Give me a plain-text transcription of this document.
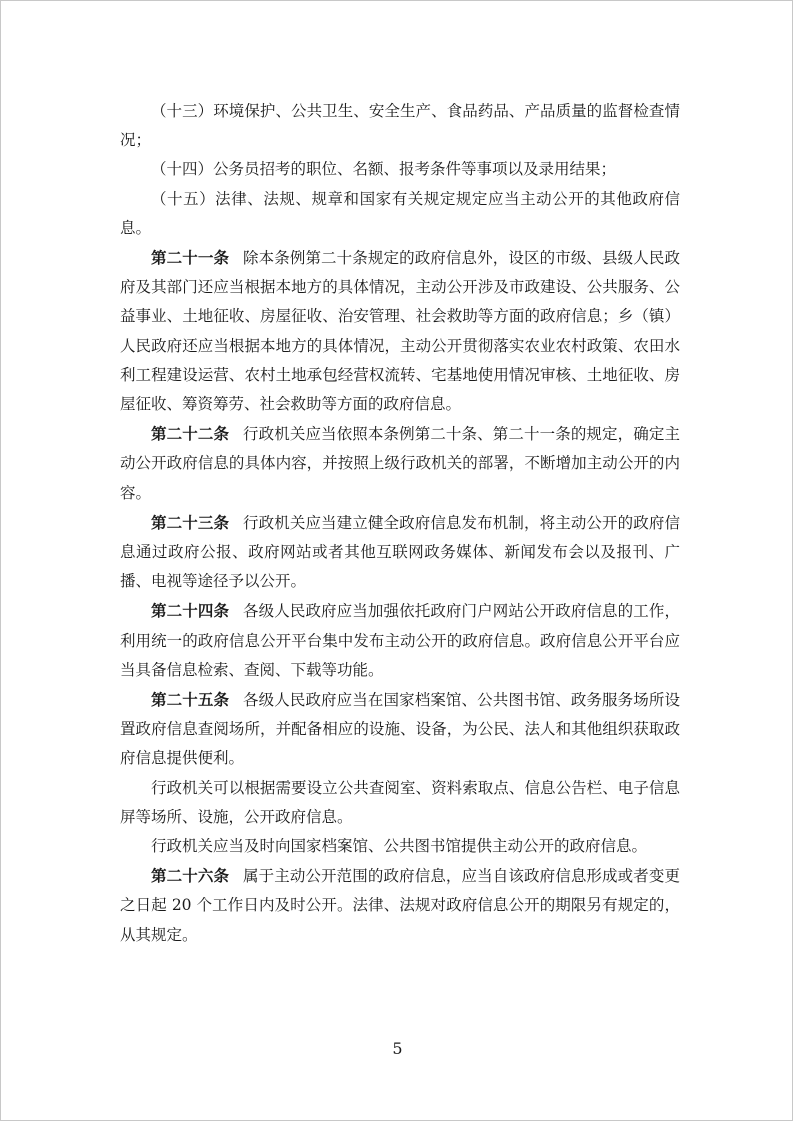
（十三）环境保护、公共卫生、安全生产、食品药品、产品质量的监督检查情况；

（十四）公务员招考的职位、名额、报考条件等事项以及录用结果；

（十五）法律、法规、规章和国家有关规定规定应当主动公开的其他政府信息。

第二十一条 除本条例第二十条规定的政府信息外，设区的市级、县级人民政府及其部门还应当根据本地方的具体情况，主动公开涉及市政建设、公共服务、公益事业、土地征收、房屋征收、治安管理、社会救助等方面的政府信息；乡（镇）人民政府还应当根据本地方的具体情况，主动公开贯彻落实农业农村政策、农田水利工程建设运营、农村土地承包经营权流转、宅基地使用情况审核、土地征收、房屋征收、筹资筹劳、社会救助等方面的政府信息。

第二十二条 行政机关应当依照本条例第二十条、第二十一条的规定，确定主动公开政府信息的具体内容，并按照上级行政机关的部署，不断增加主动公开的内容。

第二十三条 行政机关应当建立健全政府信息发布机制，将主动公开的政府信息通过政府公报、政府网站或者其他互联网政务媒体、新闻发布会以及报刊、广播、电视等途径予以公开。

第二十四条 各级人民政府应当加强依托政府门户网站公开政府信息的工作，利用统一的政府信息公开平台集中发布主动公开的政府信息。政府信息公开平台应当具备信息检索、查阅、下载等功能。

第二十五条 各级人民政府应当在国家档案馆、公共图书馆、政务服务场所设置政府信息查阅场所，并配备相应的设施、设备，为公民、法人和其他组织获取政府信息提供便利。

行政机关可以根据需要设立公共查阅室、资料索取点、信息公告栏、电子信息屏等场所、设施，公开政府信息。

行政机关应当及时向国家档案馆、公共图书馆提供主动公开的政府信息。

第二十六条 属于主动公开范围的政府信息，应当自该政府信息形成或者变更之日起 20 个工作日内及时公开。法律、法规对政府信息公开的期限另有规定的，从其规定。

5
